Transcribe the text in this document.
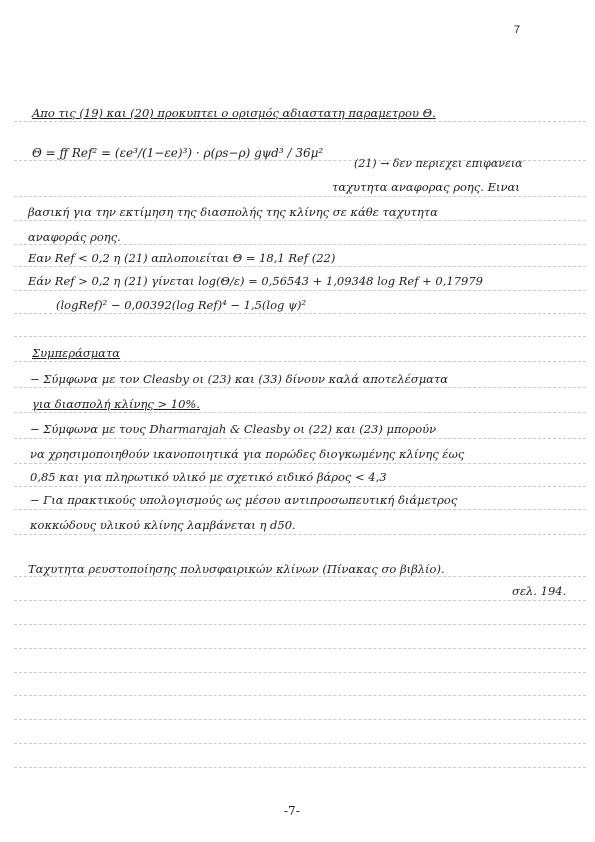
7
Απο τις (19) και (20) προκυπτει ο ορισμός αδιαστατη παραμετρου Θ.
Θ = ƒƒ Ref² = (εe³/(1−εe)³) · ρ(ρs−ρ) gψd³ / 36μ²
(21) → δεν περιεχει επιφανεια
ταχυτητα αναφορας ροης. Ειναι
βασική για την εκτίμηση της διασπολής της κλίνης σε κάθε ταχυτητα
αναφοράς ροης.
Εαν Ref < 0,2 η (21) απλοποιείται Θ = 18,1 Ref (22)
Εάν Ref > 0,2 η (21) γίνεται log(Θ/ε) = 0,56543 + 1,09348 log Ref + 0,17979
(logRef)² − 0,00392(log Ref)⁴ − 1,5(log ψ)²
Συμπεράσματα
− Σύμφωνα με τον Cleasby οι (23) και (33) δίνουν καλά αποτελέσματα
για διασπολή κλίνης > 10%.
− Σύμφωνα με τους Dharmarajah & Cleasby οι (22) και (23) μπορούν
να χρησιμοποιηθούν ικανοποιητικά για πορώδες διογκωμένης κλίνης έως
0,85 και για πληρωτικό υλικό με σχετικό ειδικό βάρος < 4,3
− Για πρακτικούς υπολογισμούς ως μέσου αντιπροσωπευτική διάμετρος
κοκκώδους υλικού κλίνης λαμβάνεται η d50.
Ταχυτητα ρευστοποίησης πολυσφαιρικών κλίνων (Πίνακας σο βιβλίο).
σελ. 194.
-7-
